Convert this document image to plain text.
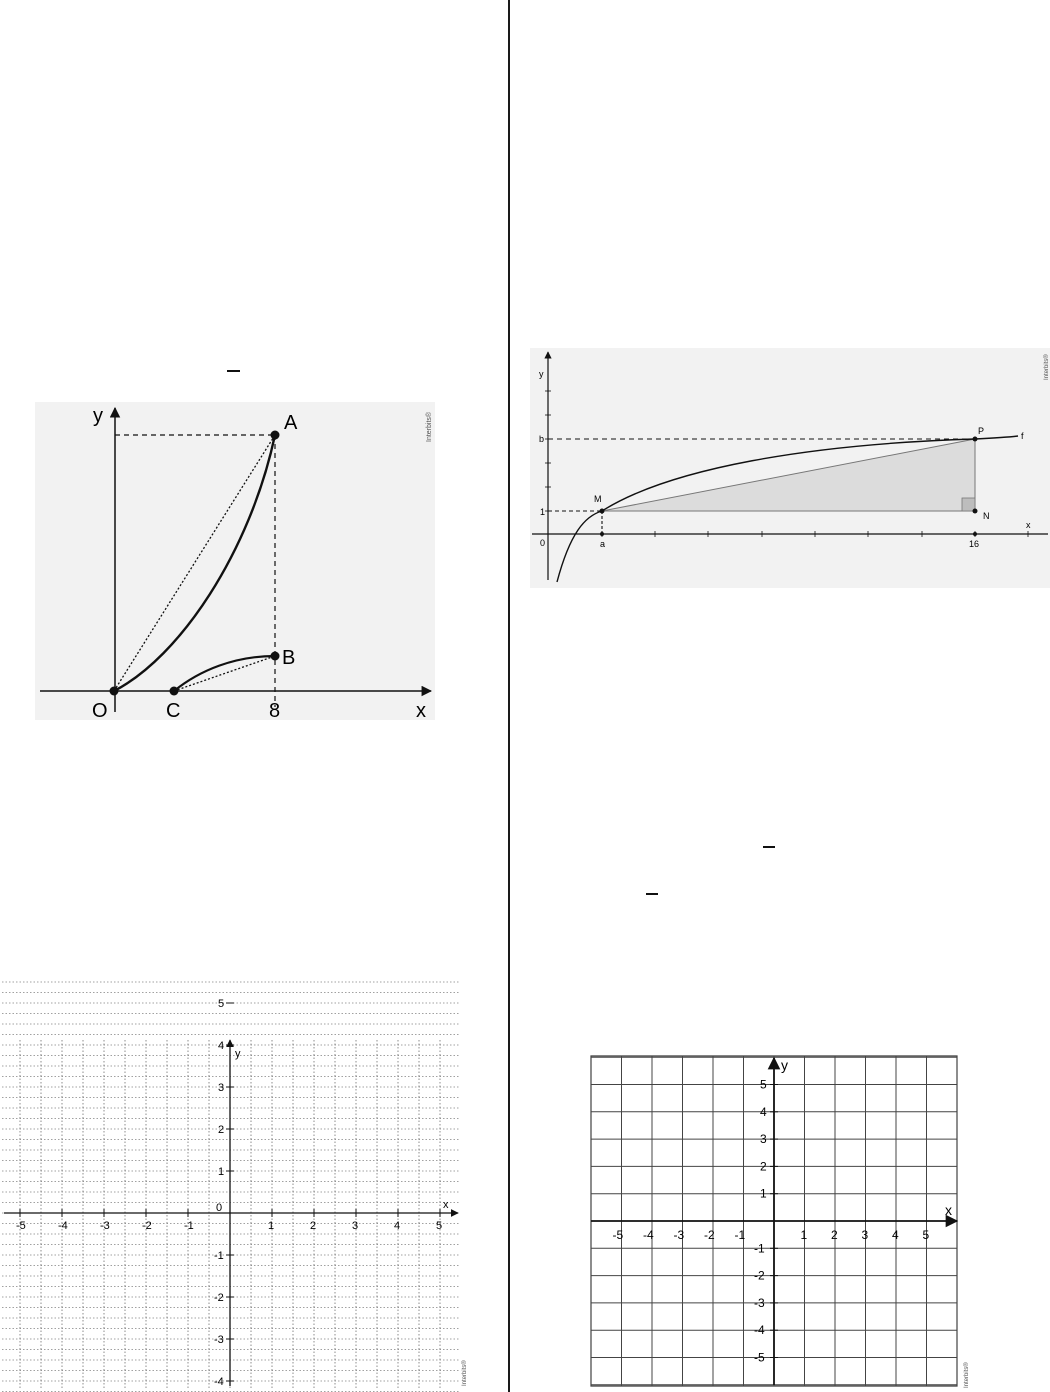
y	A
B
O	C	8	x
Interbits®
y
b
1
0	a	16
x
M
P
N
f
Interbits®
-5	-4	-3	-2	-1	1	2	3	4	5
5
4
3
2
1
-1
-2
-3
-4
y
x
0
Interbits®
-5 -4 -3 -2 -1	1 2 3 4 5
5
4
3
2
1
-1
-2
-3
-4
-5
y
x
Interbits®
